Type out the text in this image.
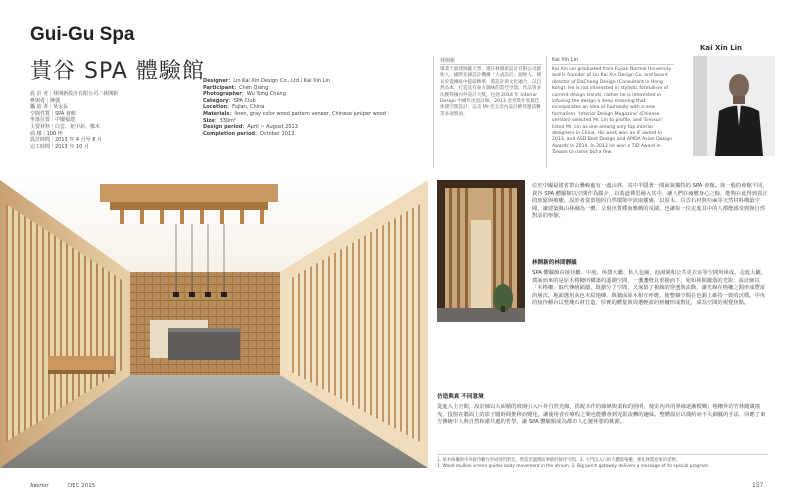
Gui-Gu Spa
貴谷 SPA 體驗館
設 計 者｜林開新設計有限公司／林開新
參與者｜陳強
攝 影 者｜吳永長
空間性質｜SPA 會館
坐落位置｜中國福建
主要材料｜白雲、花中彩、橡木
面 積｜100 坪
設計時間｜2013 年 4 月至 8 月
完工時間｜2013 年 10 月
Designer：Lin Kai Xin Design Co., Ltd./ Kai Xin Lin
Participant：Chen Qiang
Photographer：Wu Yong Chang
Category：SPA Club
Location：Fujian, China
Materials：linen, gray color wood pattern veneer, Chinese juniper wood
Size：330m²
Design period：April ~ August 2013
Completion period：October 2013
林開新
畢業于福建師範大學，現任林開新設計有限公司創始人，國際先鋒設計機構「大成設計」創始人，擅長於從傳統中提取精華，將設計與文化融合，以自然為本，打造具有東方韻味的當代空間。作品曾多次獲得國內外設計大獎，包括 2014 年 Interior Design 中國年度設計師、2013 金堂獎年度最佳休閒空間設計，以及 IAI 亞太室內設計精英邀請賽等多項獎項。
Kai Xin Lin
Kai Xin Lin graduated from Fujian Normal University and is founder of Lin Kai Xin Design Co. and board director of DaCheng Design (Consultant in Hong Kong). He is not interested in stylistic formalism of current design trends, rather he is interested in infusing the design a deep meaning that incorporates an idea of humanity with a new formalism. 'Interior Design Magazine' (Chinese version) selected Mr. Lin to profile, and 'Ennxun' listed Mr. Lin as one among only top interior designers in China. His work won an IF award in 2013, and ASD Best Design and APIDA Asian Design Awards in 2014. In 2013 he won a TID Award in Taiwan to name but a few.
Kai Xin Lin
位於中國福建省群山疊嶂處有一處山林，其中半隱著一間面貌獨特的 SPA 會館。與一般的會館不同，貴谷 SPA 體驗館以空間作為媒介，以茶道禪思融入其中，讓人們在疲憊身心之餘，能夠在此得到真正的放鬆與療癒。設計者從當地的自然環境中汲取靈感，以原木、白雲石材與亞麻等天然材料構築空間，讓建築與山林融為一體，呈現出質樸而雅緻的氛圍，也讓每一位走進其中的人都能感受到與自然對話的寧靜。
林開新的林間靜謐
SPA 體驗館由接待廳、中庭、休憩大廳、私人包廂、泡湯間和公共更衣室等空間所組成。走進大廳，撲面而來的是原木格柵所構築的溫潤空間，一盞盞燈具垂掛而下，宛如林間灑落的光影；設計師以「木格柵」取代傳統隔牆，既劃分了空間，又保留了視線的穿透與流動，讓光線在格柵之間形成豐富的層次。地面選用灰色木紋地磚，與牆面原木相互呼應，使整個空間在色調上維持一致的沉穩。中央的接待櫃台以整塊石材打造，厚實的體量與周遭輕盈的格柵形成對比，成為空間的視覺焦點。
仿造與真 不同意境
從進入主空間，設計師以大面積的玻璃引入戶外自然光線，搭配木作的線條與柔和的照明，使室內外的界線逐漸模糊；格柵外的竹林隨風搖曳，投射在牆面上的影子隨時間推移而變化，讓使用者在療程之間也能體會到光影流轉的趣味。整體設計以簡約而不失細膩的手法，回應了東方傳統中人與自然和諧共處的哲學，讓 SPA 體驗館成為都市人心靈休憩的桃源。
1. 原木格柵與中央接待櫃台形成強烈對比，營造出溫潤而寧靜的接待空間。2. 大門以入口的大體量格柵，強化林間意象的延伸。
1. Wood mullion screen guides body movement in the atrium. 2. Big porch gateway delivers a message of its special program.
Interior	DEC 2015	157
